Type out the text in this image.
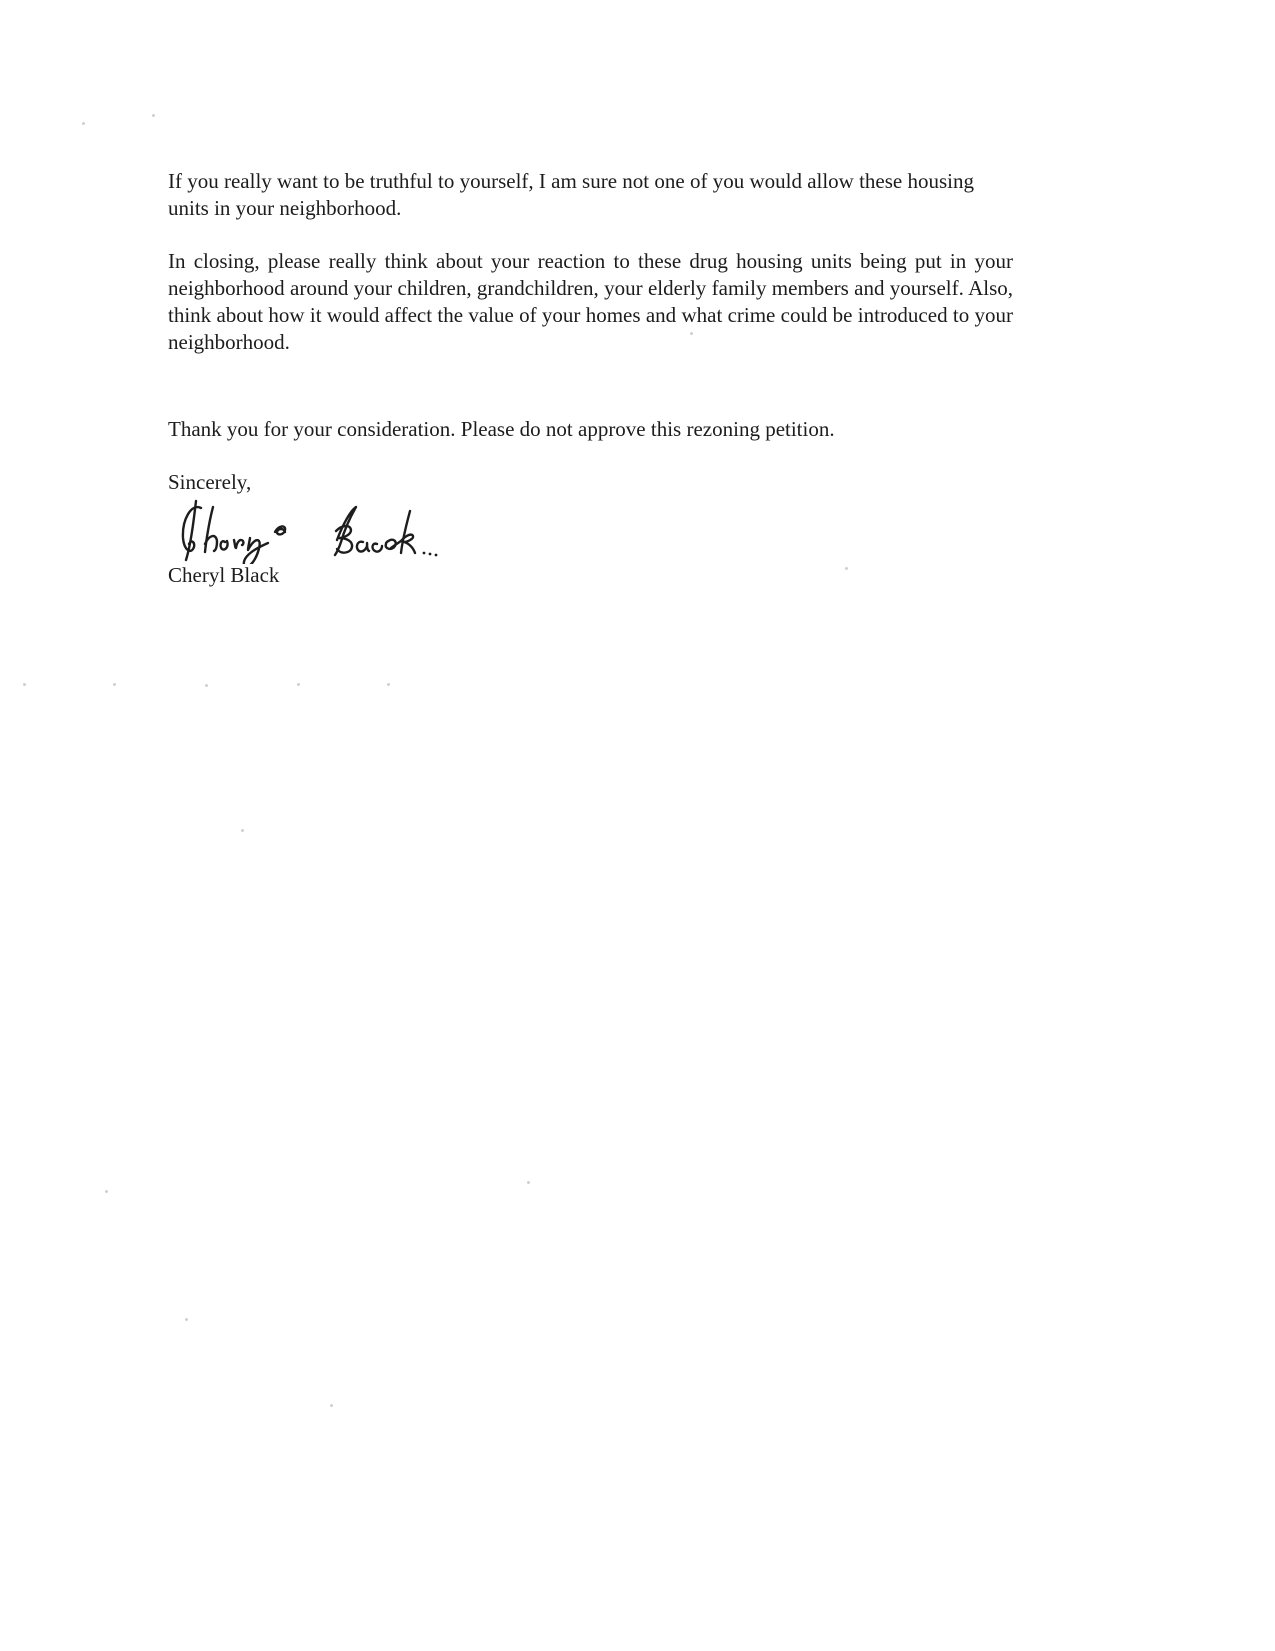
If you really want to be truthful to yourself, I am sure not one of you would allow these housing units in your neighborhood.

In closing, please really think about your reaction to these drug housing units being put in your neighborhood around your children, grandchildren, your elderly family members and yourself. Also, think about how it would affect the value of your homes and what crime could be introduced to your neighborhood.

Thank you for your consideration. Please do not approve this rezoning petition.

Sincerely,

Cheryl Black
